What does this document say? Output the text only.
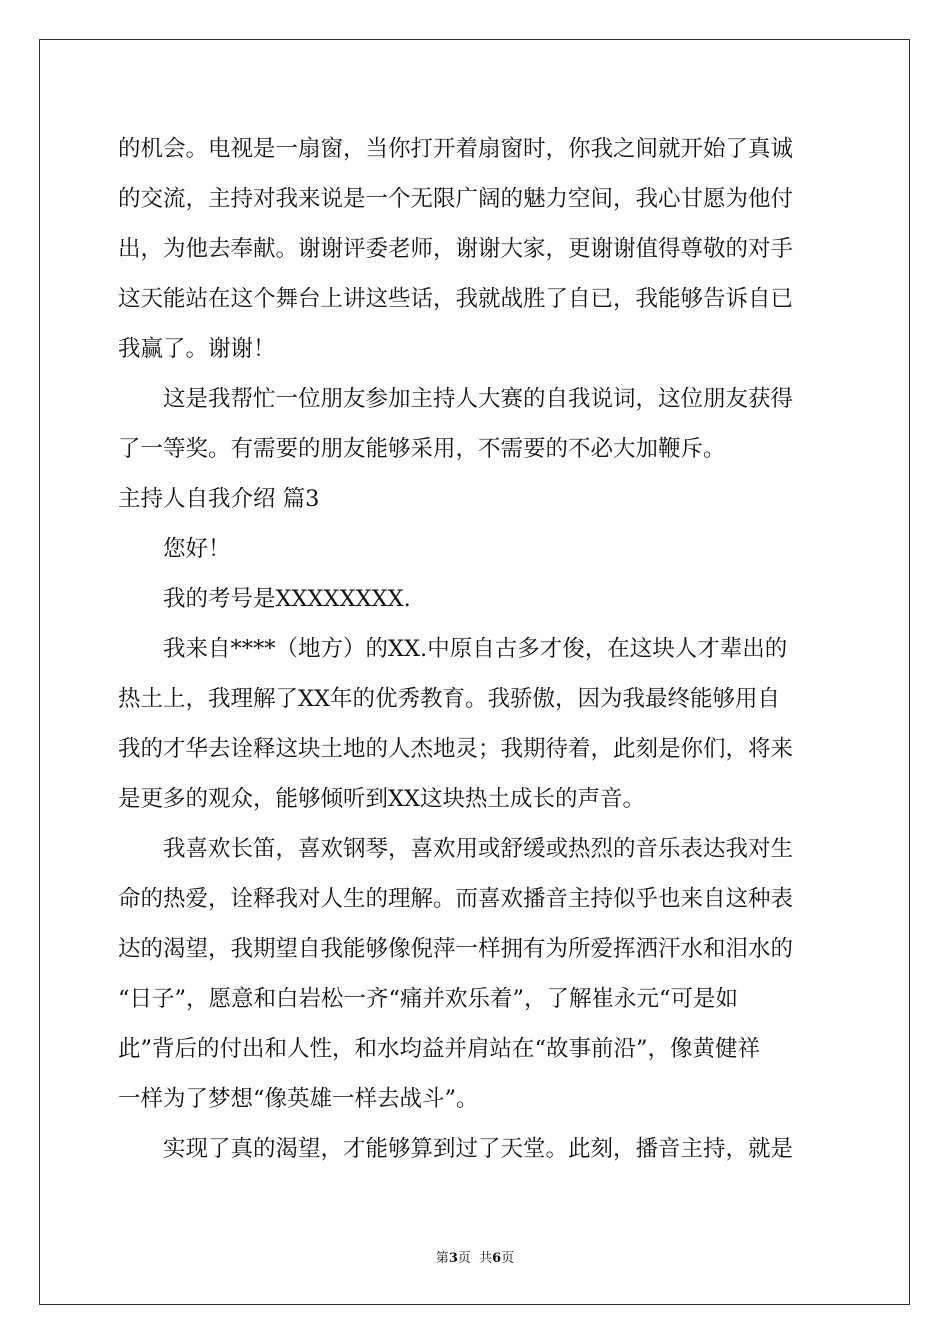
的机会。电视是一扇窗，当你打开着扇窗时，你我之间就开始了真诚

的交流，主持对我来说是一个无限广阔的魅力空间，我心甘愿为他付

出，为他去奉献。谢谢评委老师，谢谢大家，更谢谢值得尊敬的对手

这天能站在这个舞台上讲这些话，我就战胜了自已，我能够告诉自已

我赢了。谢谢！

这是我帮忙一位朋友参加主持人大赛的自我说词，这位朋友获得

了一等奖。有需要的朋友能够采用，不需要的不必大加鞭斥。

主持人自我介绍 篇3

您好！

我的考号是XXXXXXXX.

我来自****（地方）的XX.中原自古多才俊，在这块人才辈出的

热土上，我理解了XX年的优秀教育。我骄傲，因为我最终能够用自

我的才华去诠释这块土地的人杰地灵；我期待着，此刻是你们，将来

是更多的观众，能够倾听到XX这块热土成长的声音。

我喜欢长笛，喜欢钢琴，喜欢用或舒缓或热烈的音乐表达我对生

命的热爱，诠释我对人生的理解。而喜欢播音主持似乎也来自这种表

达的渴望，我期望自我能够像倪萍一样拥有为所爱挥洒汗水和泪水的

“日子”，愿意和白岩松一齐“痛并欢乐着”，了解崔永元“可是如

此”背后的付出和人性，和水均益并肩站在“故事前沿”，像黄健祥

一样为了梦想“像英雄一样去战斗”。

实现了真的渴望，才能够算到过了天堂。此刻，播音主持，就是

第3页  共6页
